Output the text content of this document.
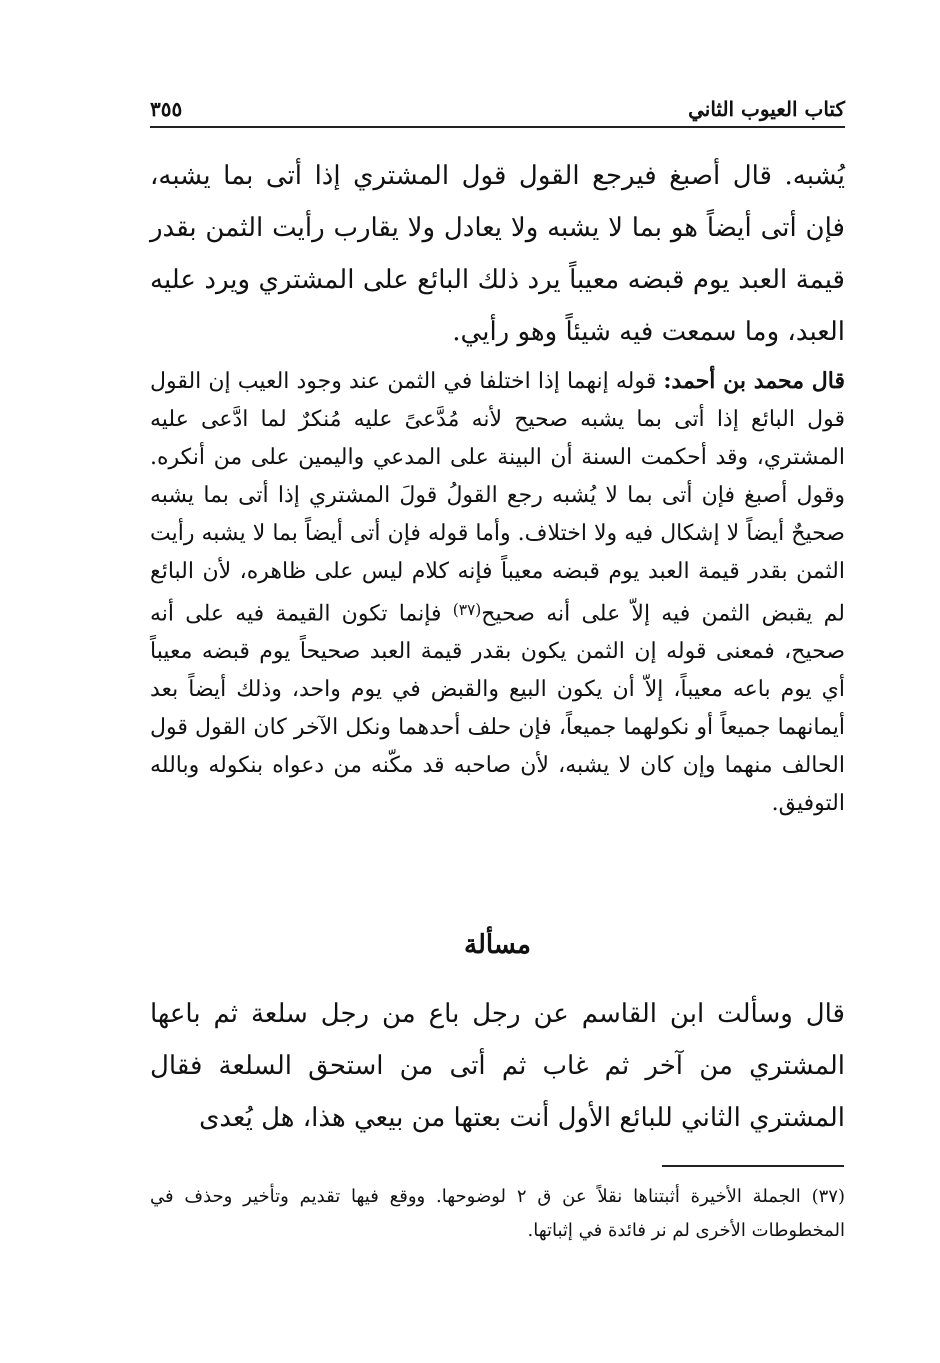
كتاب العيوب الثاني
٣٥٥

يُشبه. قال أصبغ فيرجع القول قول المشتري إذا أتى بما يشبه، فإن أتى أيضاً هو بما لا يشبه ولا يعادل ولا يقارب رأيت الثمن بقدر قيمة العبد يوم قبضه معيباً يرد ذلك البائع على المشتري ويرد عليه العبد، وما سمعت فيه شيئاً وهو رأيي.

قال محمد بن أحمد: قوله إنهما إذا اختلفا في الثمن عند وجود العيب إن القول قول البائع إذا أتى بما يشبه صحيح لأنه مُدَّعىً عليه مُنكرٌ لما ادَّعى عليه المشتري، وقد أحكمت السنة أن البينة على المدعي واليمين على من أنكره. وقول أصبغ فإن أتى بما لا يُشبه رجع القولُ قولَ المشتري إذا أتى بما يشبه صحيحٌ أيضاً لا إشكال فيه ولا اختلاف. وأما قوله فإن أتى أيضاً بما لا يشبه رأيت الثمن بقدر قيمة العبد يوم قبضه معيباً فإنه كلام ليس على ظاهره، لأن البائع لم يقبض الثمن فيه إلاّ على أنه صحيح$^{(٣٧)}$ فإنما تكون القيمة فيه على أنه صحيح، فمعنى قوله إن الثمن يكون بقدر قيمة العبد صحيحاً يوم قبضه معيباً أي يوم باعه معيباً، إلاّ أن يكون البيع والقبض في يوم واحد، وذلك أيضاً بعد أيمانهما جميعاً أو نكولهما جميعاً، فإن حلف أحدهما ونكل الآخر كان القول قول الحالف منهما وإن كان لا يشبه، لأن صاحبه قد مكّنه من دعواه بنكوله وبالله التوفيق.

مسألة

قال وسألت ابن القاسم عن رجل باع من رجل سلعة ثم باعها المشتري من آخر ثم غاب ثم أتى من استحق السلعة فقال المشتري الثاني للبائع الأول أنت بعتها من بيعي هذا، هل يُعدى

(٣٧) الجملة الأخيرة أثبتناها نقلاً عن ق ٢ لوضوحها. ووقع فيها تقديم وتأخير وحذف في المخطوطات الأخرى لم نر فائدة في إثباتها.
